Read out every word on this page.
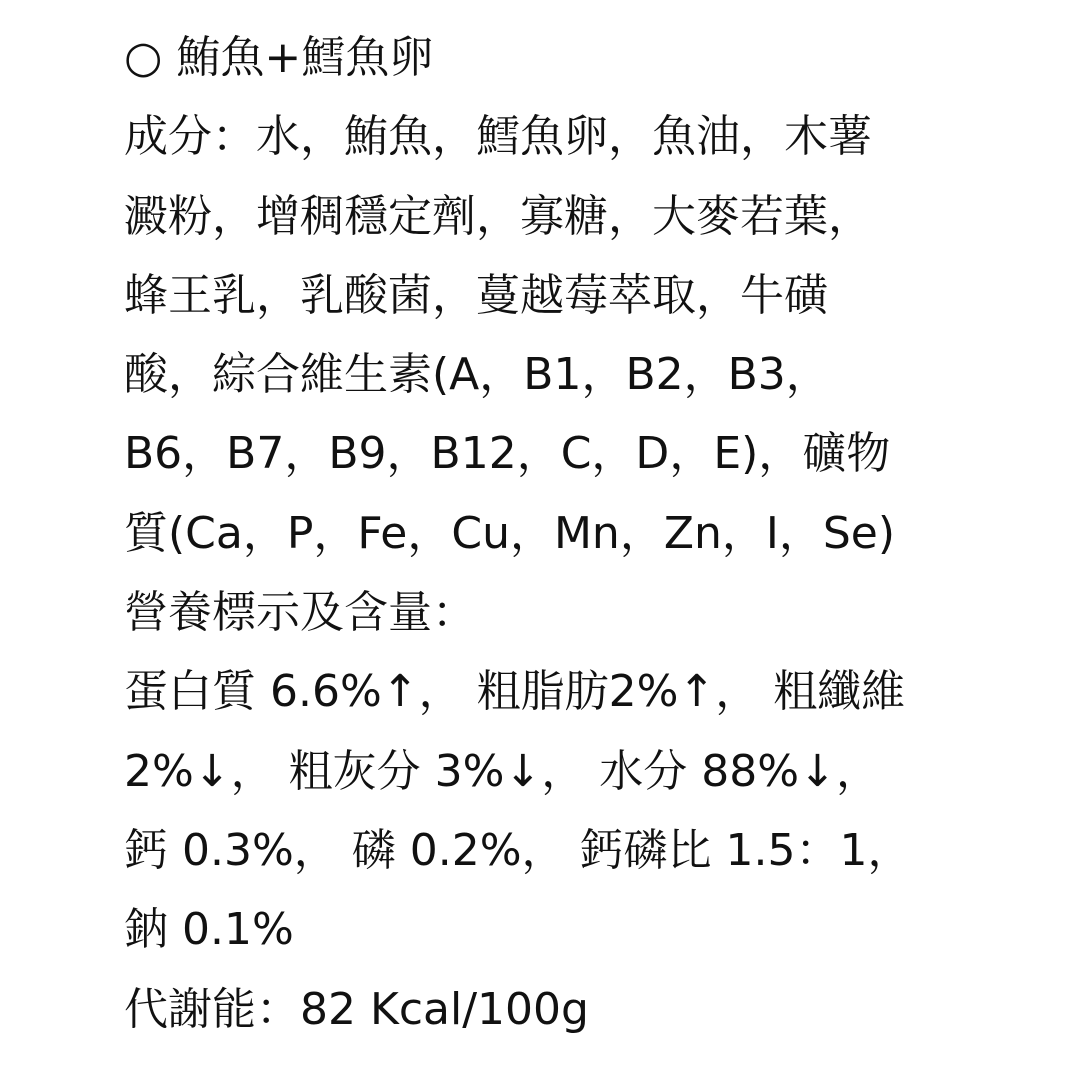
○ 鮪魚+鱈魚卵
成分：水，鮪魚，鱈魚卵，魚油，木薯
澱粉，增稠穩定劑，寡糖，大麥若葉，
蜂王乳，乳酸菌，蔓越莓萃取，牛磺
酸，綜合維生素(A，B1，B2，B3，
B6，B7，B9，B12，C，D，E)，礦物
質(Ca，P，Fe，Cu，Mn，Zn，I，Se)
營養標示及含量：
蛋白質 6.6%↑， 粗脂肪2%↑， 粗纖維
2%↓， 粗灰分 3%↓， 水分 88%↓，
鈣 0.3%， 磷 0.2%， 鈣磷比 1.5：1，
鈉 0.1%
代謝能：82 Kcal/100g
